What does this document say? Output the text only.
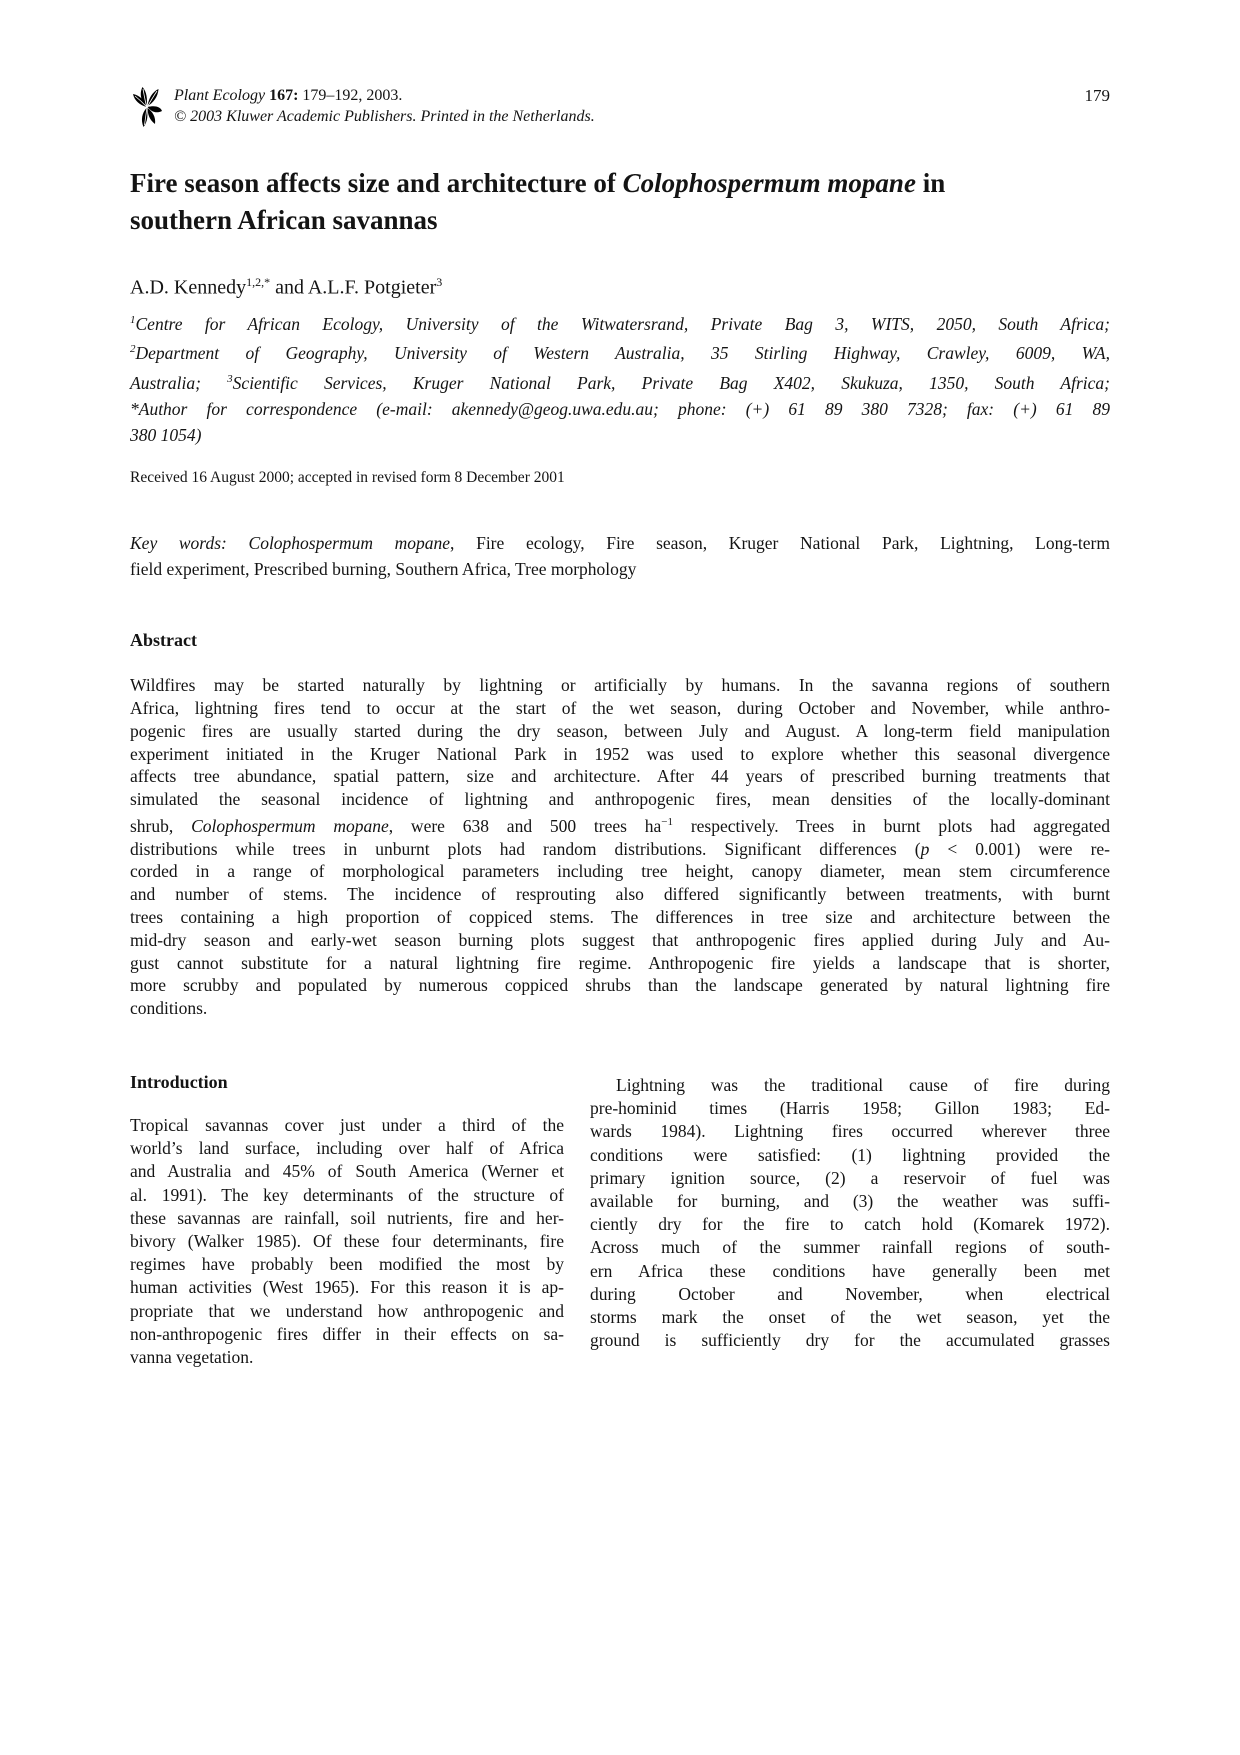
Plant Ecology 167: 179–192, 2003.
© 2003 Kluwer Academic Publishers. Printed in the Netherlands.
179
Fire season affects size and architecture of Colophospermum mopane in
southern African savannas
A.D. Kennedy$^{1,2,*}$ and A.L.F. Potgieter$^3$
$^1$Centre for African Ecology, University of the Witwatersrand, Private Bag 3, WITS, 2050, South Africa;
$^2$Department of Geography, University of Western Australia, 35 Stirling Highway, Crawley, 6009, WA,
Australia; $^3$Scientific Services, Kruger National Park, Private Bag X402, Skukuza, 1350, South Africa;
*Author for correspondence (e-mail: akennedy@geog.uwa.edu.au; phone: (+) 61 89 380 7328; fax: (+) 61 89
380 1054)
Received 16 August 2000; accepted in revised form 8 December 2001
Key words: Colophospermum mopane, Fire ecology, Fire season, Kruger National Park, Lightning, Long-term
field experiment, Prescribed burning, Southern Africa, Tree morphology
Abstract
Wildfires may be started naturally by lightning or artificially by humans. In the savanna regions of southern
Africa, lightning fires tend to occur at the start of the wet season, during October and November, while anthro-
pogenic fires are usually started during the dry season, between July and August. A long-term field manipulation
experiment initiated in the Kruger National Park in 1952 was used to explore whether this seasonal divergence
affects tree abundance, spatial pattern, size and architecture. After 44 years of prescribed burning treatments that
simulated the seasonal incidence of lightning and anthropogenic fires, mean densities of the locally-dominant
shrub, Colophospermum mopane, were 638 and 500 trees $ha^{-1}$ respectively. Trees in burnt plots had aggregated
distributions while trees in unburnt plots had random distributions. Significant differences (p < 0.001) were re-
corded in a range of morphological parameters including tree height, canopy diameter, mean stem circumference
and number of stems. The incidence of resprouting also differed significantly between treatments, with burnt
trees containing a high proportion of coppiced stems. The differences in tree size and architecture between the
mid-dry season and early-wet season burning plots suggest that anthropogenic fires applied during July and Au-
gust cannot substitute for a natural lightning fire regime. Anthropogenic fire yields a landscape that is shorter,
more scrubby and populated by numerous coppiced shrubs than the landscape generated by natural lightning fire
conditions.
Introduction
Tropical savannas cover just under a third of the
world’s land surface, including over half of Africa
and Australia and 45% of South America (Werner et
al. 1991). The key determinants of the structure of
these savannas are rainfall, soil nutrients, fire and her-
bivory (Walker 1985). Of these four determinants, fire
regimes have probably been modified the most by
human activities (West 1965). For this reason it is ap-
propriate that we understand how anthropogenic and
non-anthropogenic fires differ in their effects on sa-
vanna vegetation.
Lightning was the traditional cause of fire during
pre-hominid times (Harris 1958; Gillon 1983; Ed-
wards 1984). Lightning fires occurred wherever three
conditions were satisfied: (1) lightning provided the
primary ignition source, (2) a reservoir of fuel was
available for burning, and (3) the weather was suffi-
ciently dry for the fire to catch hold (Komarek 1972).
Across much of the summer rainfall regions of south-
ern Africa these conditions have generally been met
during October and November, when electrical
storms mark the onset of the wet season, yet the
ground is sufficiently dry for the accumulated grasses
